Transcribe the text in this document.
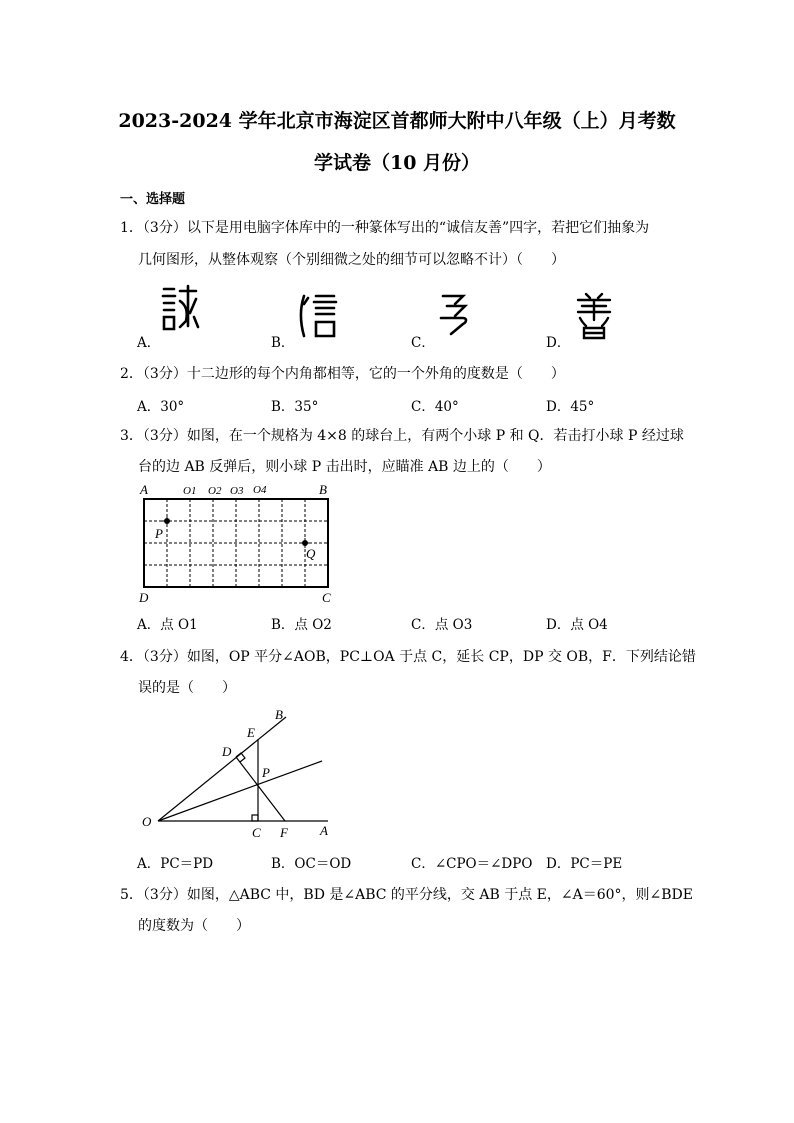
2023-2024 学年北京市海淀区首都师大附中八年级（上）月考数
学试卷（10 月份）
一、选择题
1．（3分）以下是用电脑字体库中的一种篆体写出的“诚信友善”四字，若把它们抽象为
几何图形，从整体观察（个别细微之处的细节可以忽略不计）（　　）
A．	B．	C．	D．
2．（3分）十二边形的每个内角都相等，它的一个外角的度数是（　　）
A．30°	B．35°	C．40°	D．45°
3．（3分）如图，在一个规格为 4×8 的球台上，有两个小球 P 和 Q．若击打小球 P 经过球
台的边 AB 反弹后，则小球 P 击出时，应瞄准 AB 边上的（　　）
A	B
C
D
P
Q
O1 O2 O3 O4
A．点 O1	B．点 O2	C．点 O3	D．点 O4
4．（3分）如图，OP 平分∠AOB，PC⊥OA 于点 C，延长 CP，DP 交 OB，F．下列结论错
误的是（　　）
O
A
B
C
D
E
F
P
A．PC＝PD	B．OC＝OD	C．∠CPO＝∠DPO D．PC＝PE
5．（3分）如图，△ABC 中，BD 是∠ABC 的平分线，交 AB 于点 E，∠A＝60°，则∠BDE
的度数为（　　）
